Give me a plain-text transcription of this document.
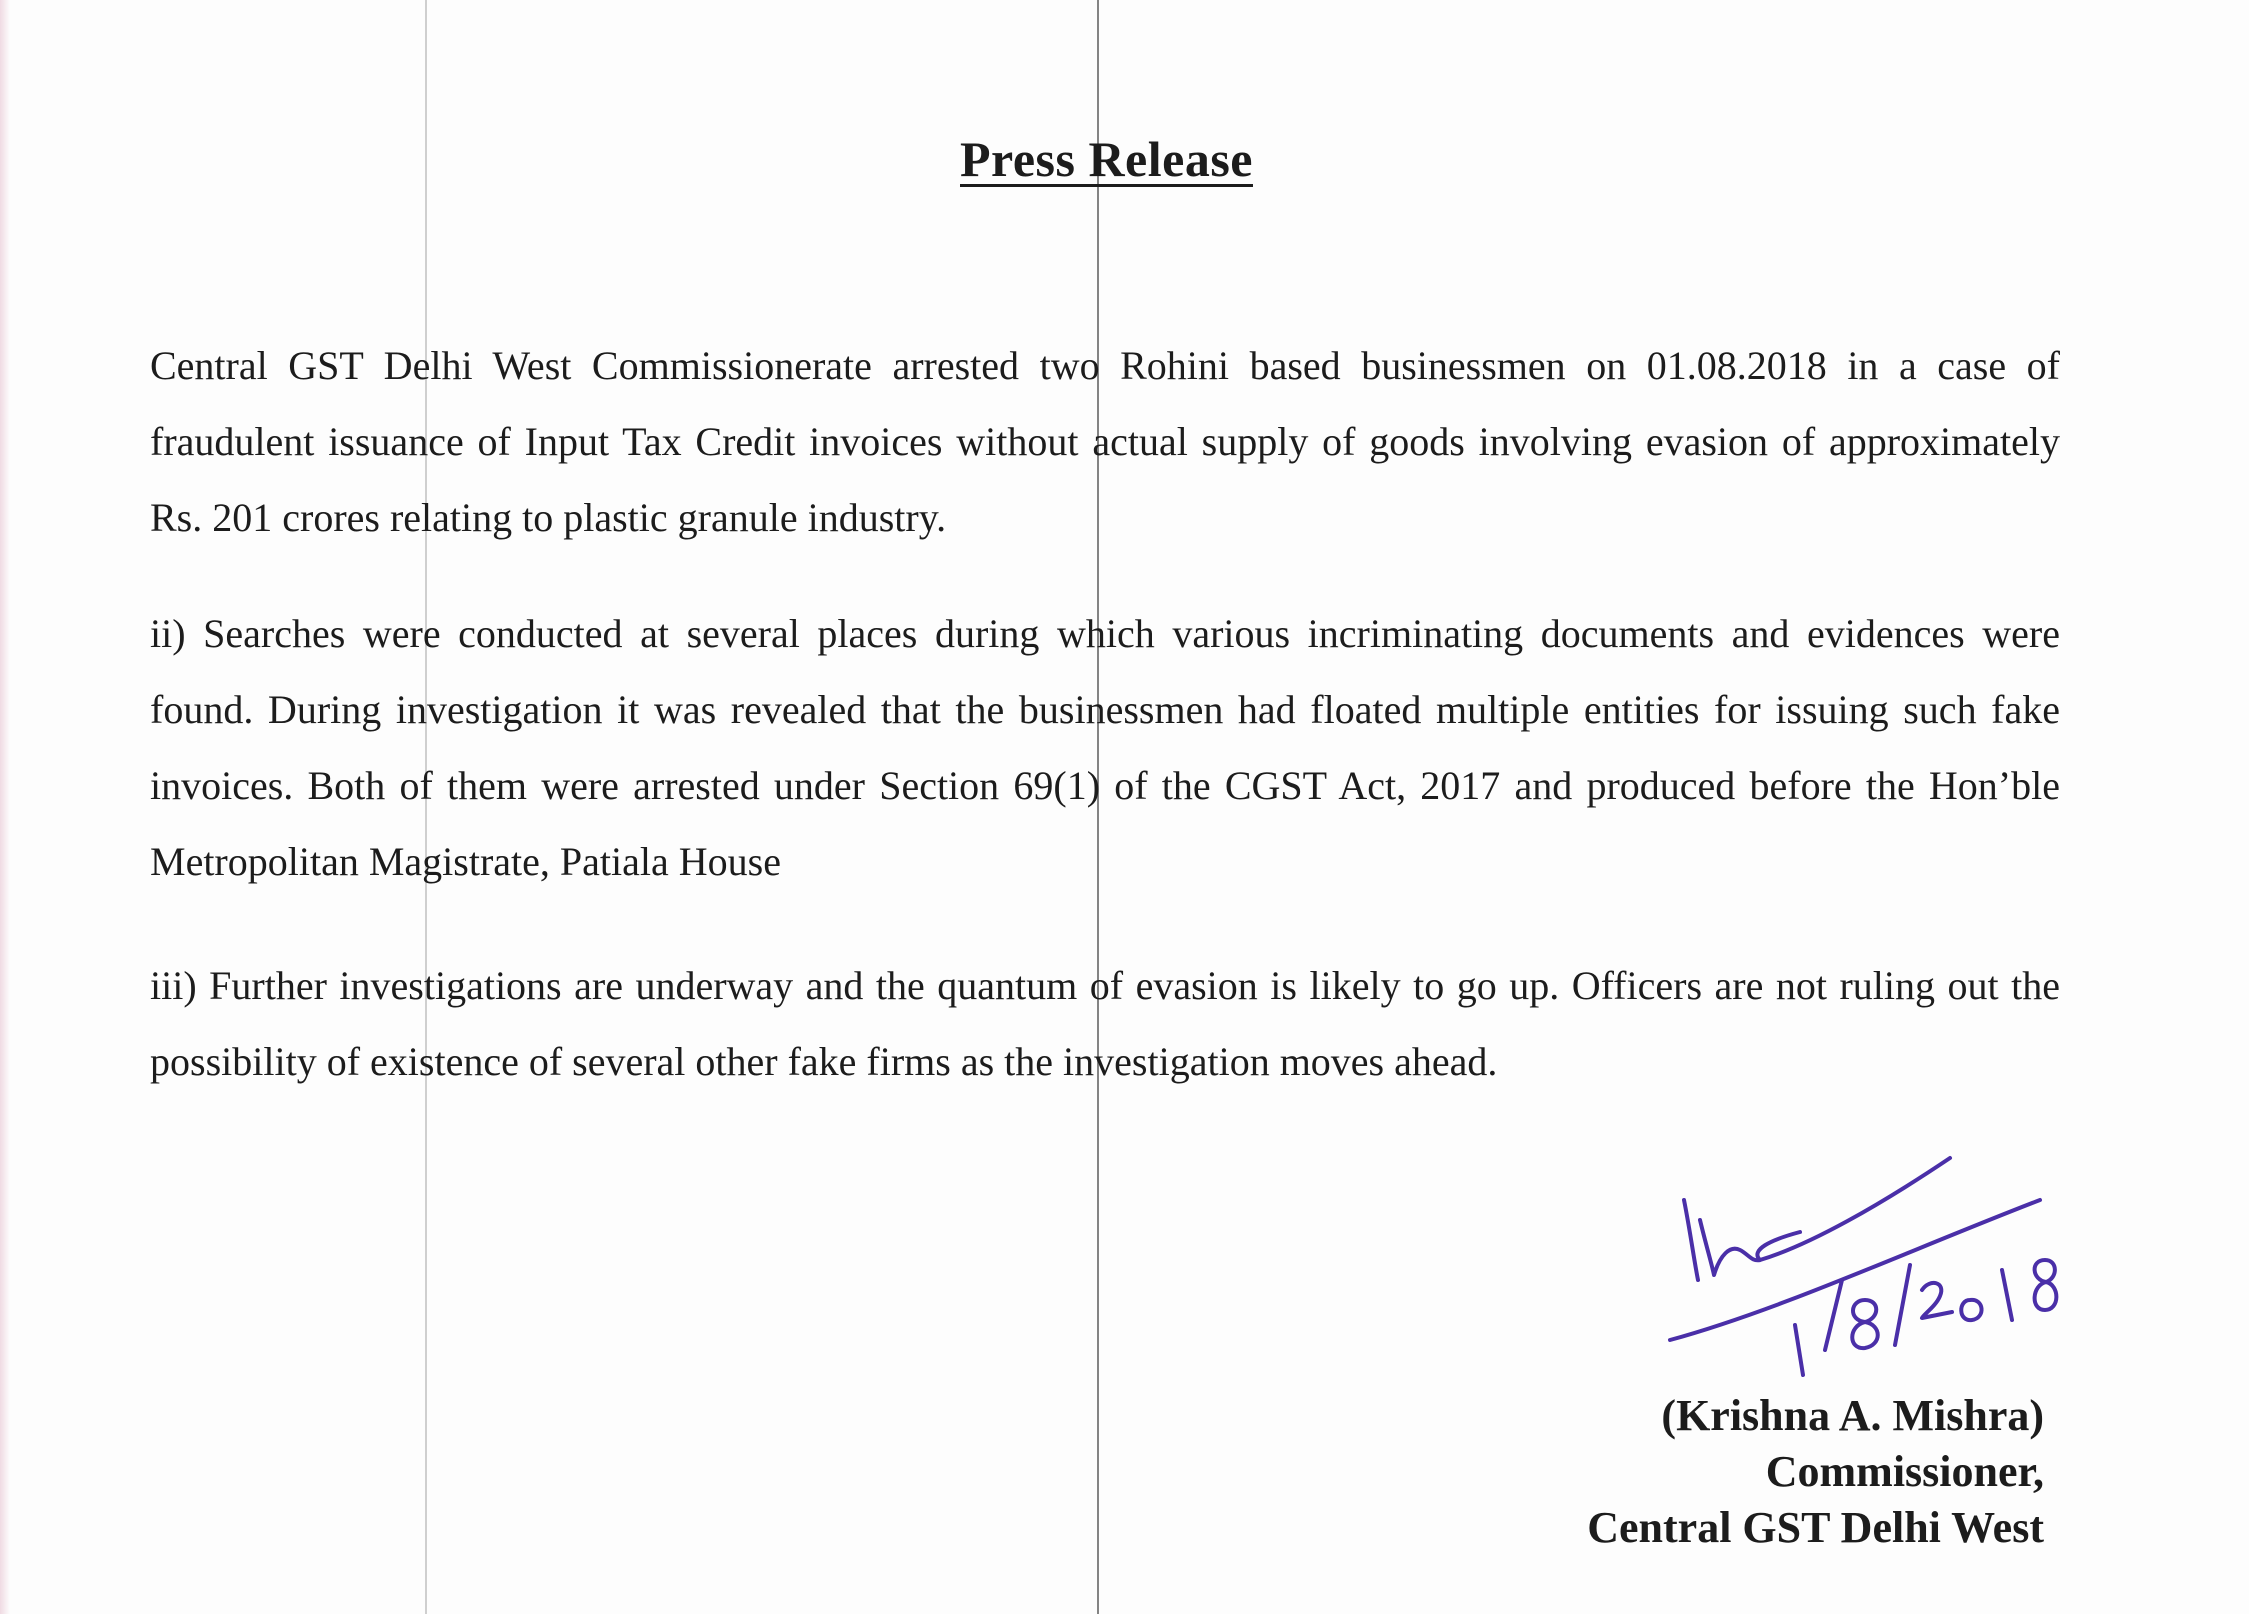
Press Release

Central GST Delhi West Commissionerate arrested two Rohini based businessmen on 01.08.2018 in a case of fraudulent issuance of Input Tax Credit invoices without actual supply of goods involving evasion of approximately Rs. 201 crores relating to plastic granule industry.

ii) Searches were conducted at several places during which various incriminating documents and evidences were found. During investigation it was revealed that the businessmen had floated multiple entities for issuing such fake invoices. Both of them were arrested under Section 69(1) of the CGST Act, 2017 and produced before the Hon’ble Metropolitan Magistrate, Patiala House

iii) Further investigations are underway and the quantum of evasion is likely to go up. Officers are not ruling out the possibility of existence of several other fake firms as the investigation moves ahead.

(Krishna A. Mishra)
Commissioner,
Central GST Delhi West
